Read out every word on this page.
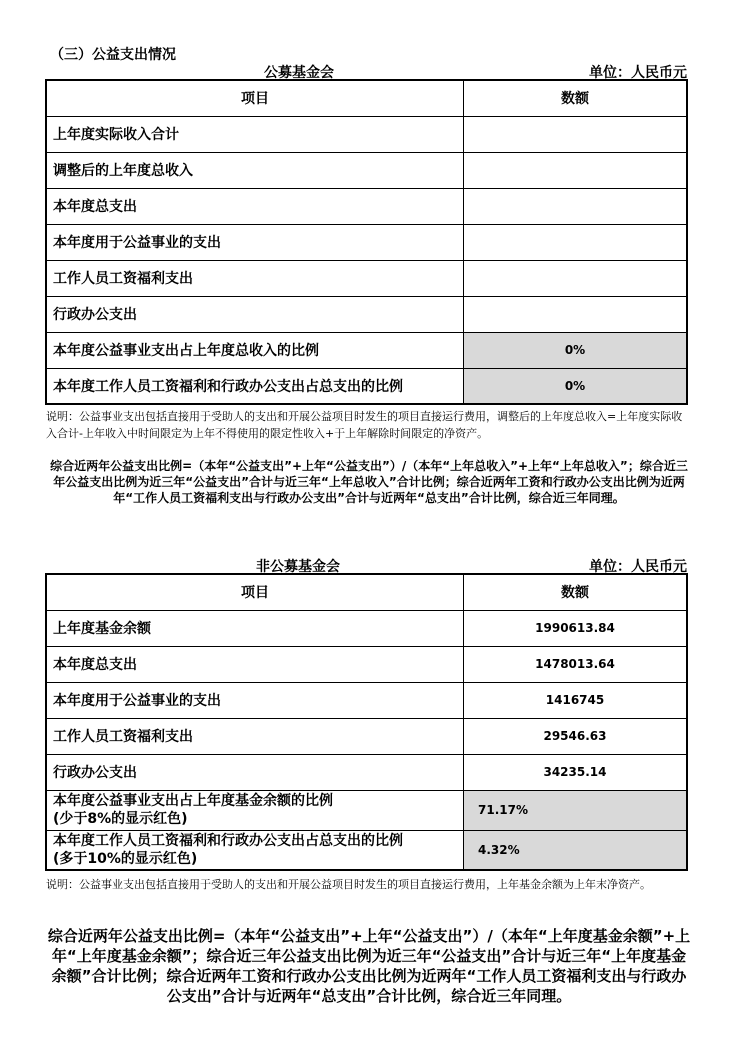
（三）公益支出情况
公募基金会	单位：人民币元
项目	数额
上年度实际收入合计	
调整后的上年度总收入	
本年度总支出	
本年度用于公益事业的支出	
工作人员工资福利支出	
行政办公支出	
本年度公益事业支出占上年度总收入的比例	0%
本年度工作人员工资福利和行政办公支出占总支出的比例	0%
说明：公益事业支出包括直接用于受助人的支出和开展公益项目时发生的项目直接运行费用，调整后的上年度总收入=上年度实际收入合计-上年收入中时间限定为上年不得使用的限定性收入+于上年解除时间限定的净资产。
综合近两年公益支出比例=（本年“公益支出”+上年“公益支出”）/（本年“上年总收入”+上年“上年总收入”；综合近三年公益支出比例为近三年“公益支出”合计与近三年“上年总收入”合计比例；综合近两年工资和行政办公支出比例为近两年“工作人员工资福利支出与行政办公支出”合计与近两年“总支出”合计比例，综合近三年同理。
非公募基金会	单位：人民币元
项目	数额
上年度基金余额	1990613.84
本年度总支出	1478013.64
本年度用于公益事业的支出	1416745
工作人员工资福利支出	29546.63
行政办公支出	34235.14

本年度公益事业支出占上年度基金余额的比例
(少于8%的显示红色)	71.17%

本年度工作人员工资福利和行政办公支出占总支出的比例
(多于10%的显示红色)	4.32%
说明：公益事业支出包括直接用于受助人的支出和开展公益项目时发生的项目直接运行费用，上年基金余额为上年末净资产。
综合近两年公益支出比例=（本年“公益支出”+上年“公益支出”）/（本年“上年度基金余额”+上年“上年度基金余额”；综合近三年公益支出比例为近三年“公益支出”合计与近三年“上年度基金余额”合计比例；综合近两年工资和行政办公支出比例为近两年“工作人员工资福利支出与行政办公支出”合计与近两年“总支出”合计比例，综合近三年同理。
